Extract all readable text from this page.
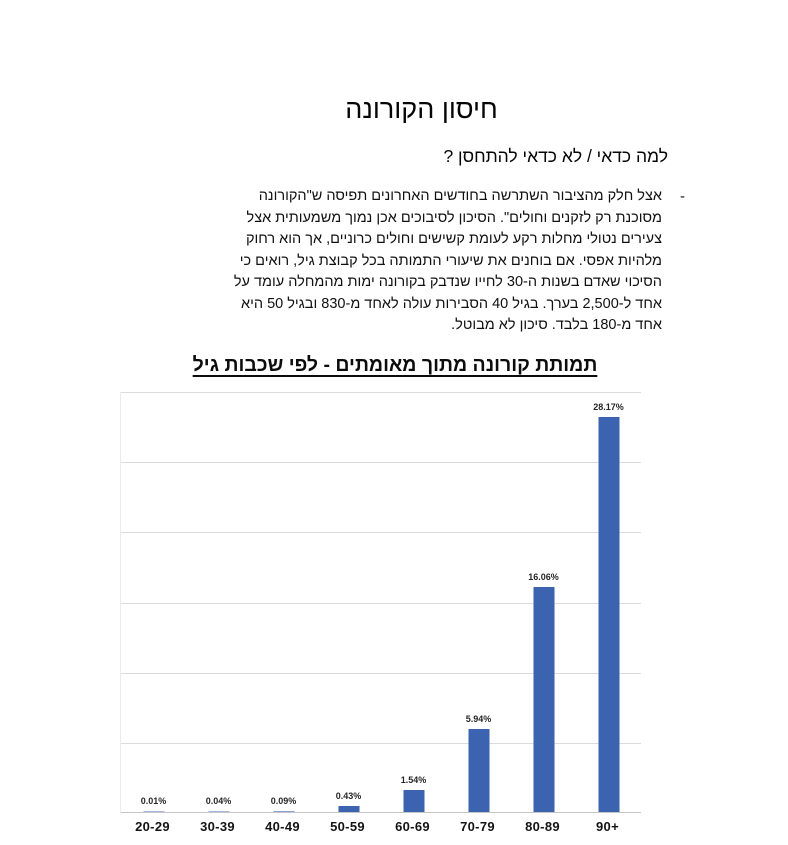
חיסון הקורונה
למה כדאי / לא כדאי להתחסן ?
-
אצל חלק מהציבור השתרשה בחודשים האחרונים תפיסה ש"הקורונה
מסוכנת רק לזקנים וחולים". הסיכון לסיבוכים אכן נמוך משמעותית אצל
צעירים נטולי מחלות רקע לעומת קשישים וחולים כרוניים, אך הוא רחוק
מלהיות אפסי. אם בוחנים את שיעורי התמותה בכל קבוצת גיל, רואים כי
הסיכוי שאדם בשנות ה-30 לחייו שנדבק בקורונה ימות מהמחלה עומד על
אחד ל-2,500 בערך. בגיל 40 הסבירות עולה לאחד מ-830 ובגיל 50 היא
אחד מ-180 בלבד. סיכון לא מבוטל.
תמותת קורונה מתוך מאומתים - לפי שכבות גיל
0.01%	0.04%	0.09%	0.43%
1.54%
5.94%
16.06%
28.17%
20-29	30-39	40-49	50-59	60-69	70-79	80-89	90+
